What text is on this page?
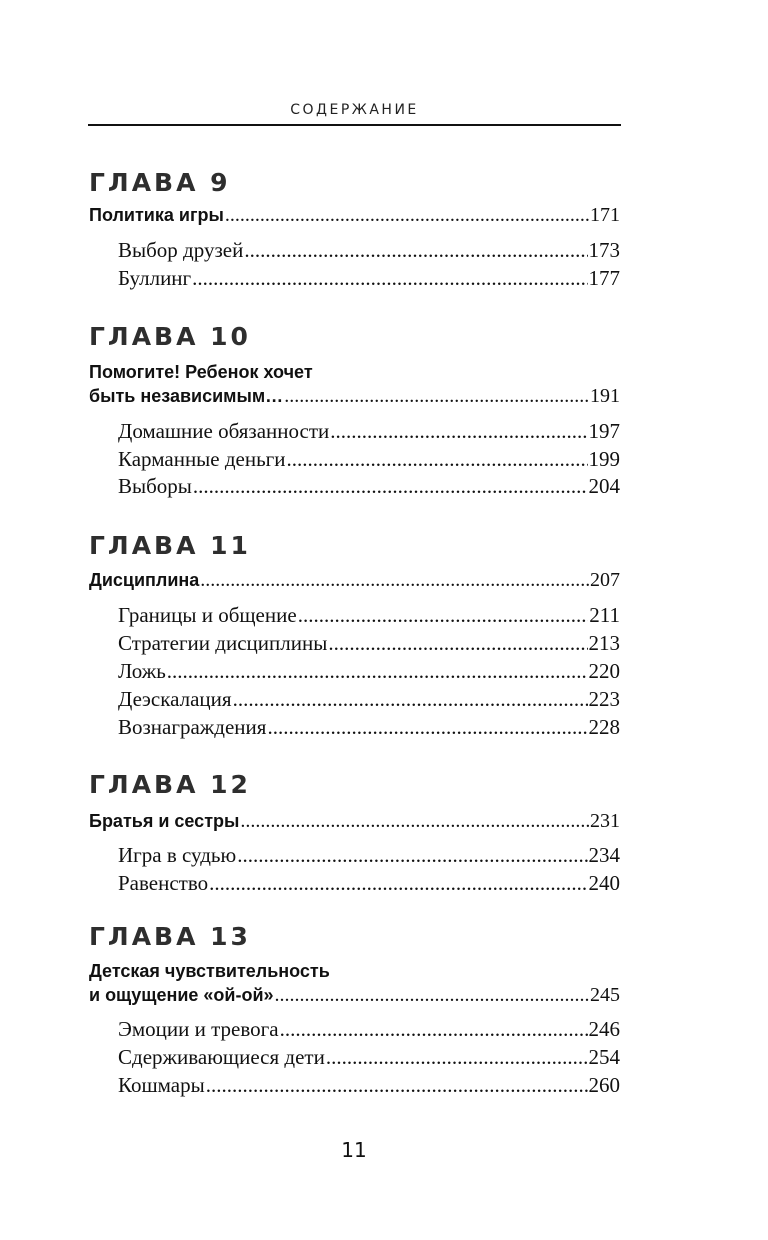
СОДЕРЖАНИЕ
ГЛАВА 9
Политика игры .....	171
Выбор друзей .....	173
Буллинг .....	177
ГЛАВА 10
Помогите! Ребенок хочет
быть независимым… .....	191
Домашние обязанности .....	197
Карманные деньги .....	199
Выборы .....	204
ГЛАВА 11
Дисциплина .....	207
Границы и общение .....	211
Стратегии дисциплины .....	213
Ложь .....	220
Деэскалация .....	223
Вознаграждения .....	228
ГЛАВА 12
Братья и сестры .....	231
Игра в судью .....	234
Равенство .....	240
ГЛАВА 13
Детская чувствительность
и ощущение «ой-ой» .....	245
Эмоции и тревога .....	246
Сдерживающиеся дети .....	254
Кошмары .....	260
11
